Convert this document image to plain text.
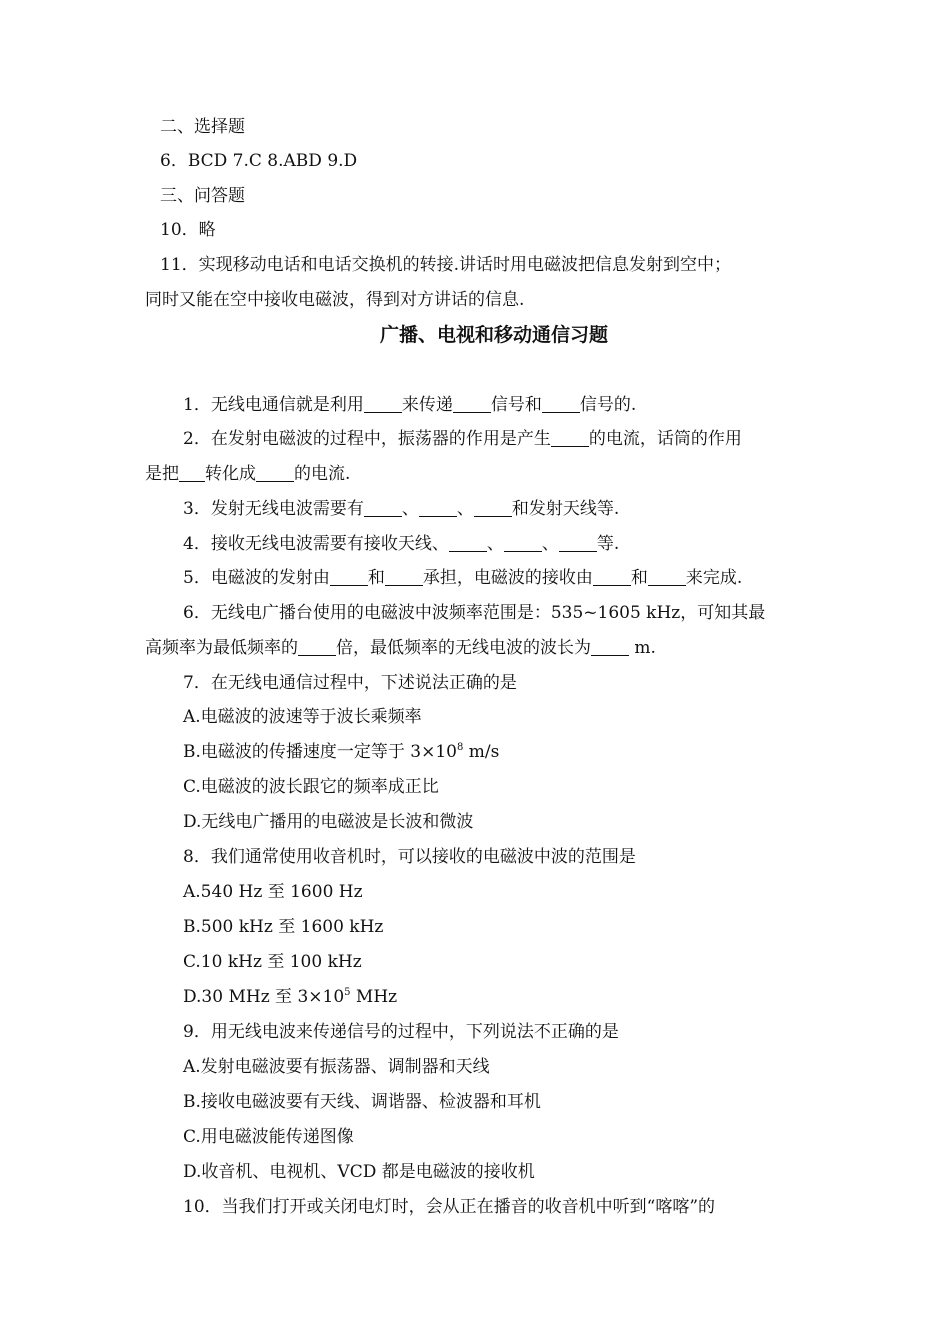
二、选择题
6．BCD 7.C 8.ABD 9.D
三、问答题
10．略
11．实现移动电话和电话交换机的转接.讲话时用电磁波把信息发射到空中；
同时又能在空中接收电磁波，得到对方讲话的信息.
广播、电视和移动通信习题
1．无线电通信就是利用 来传递 信号和 信号的.
2．在发射电磁波的过程中，振荡器的作用是产生 的电流，话筒的作用
是把 转化成 的电流.
3．发射无线电波需要有 、 、 和发射天线等.
4．接收无线电波需要有接收天线、 、 、 等.
5．电磁波的发射由 和 承担，电磁波的接收由 和 来完成.
6．无线电广播台使用的电磁波中波频率范围是：535~1605 kHz，可知其最
高频率为最低频率的 倍，最低频率的无线电波的波长为 m.
7．在无线电通信过程中，下述说法正确的是
A.电磁波的波速等于波长乘频率
B.电磁波的传播速度一定等于 $3\times 10^8$ m/s
C.电磁波的波长跟它的频率成正比
D.无线电广播用的电磁波是长波和微波
8．我们通常使用收音机时，可以接收的电磁波中波的范围是
A.540 Hz 至 1600 Hz
B.500 kHz 至 1600 kHz
C.10 kHz 至 100 kHz
D.30 MHz 至 $3\times 10^5$ MHz
9．用无线电波来传递信号的过程中，下列说法不正确的是
A.发射电磁波要有振荡器、调制器和天线
B.接收电磁波要有天线、调谐器、检波器和耳机
C.用电磁波能传递图像
D.收音机、电视机、VCD 都是电磁波的接收机
10．当我们打开或关闭电灯时，会从正在播音的收音机中听到“喀喀”的
